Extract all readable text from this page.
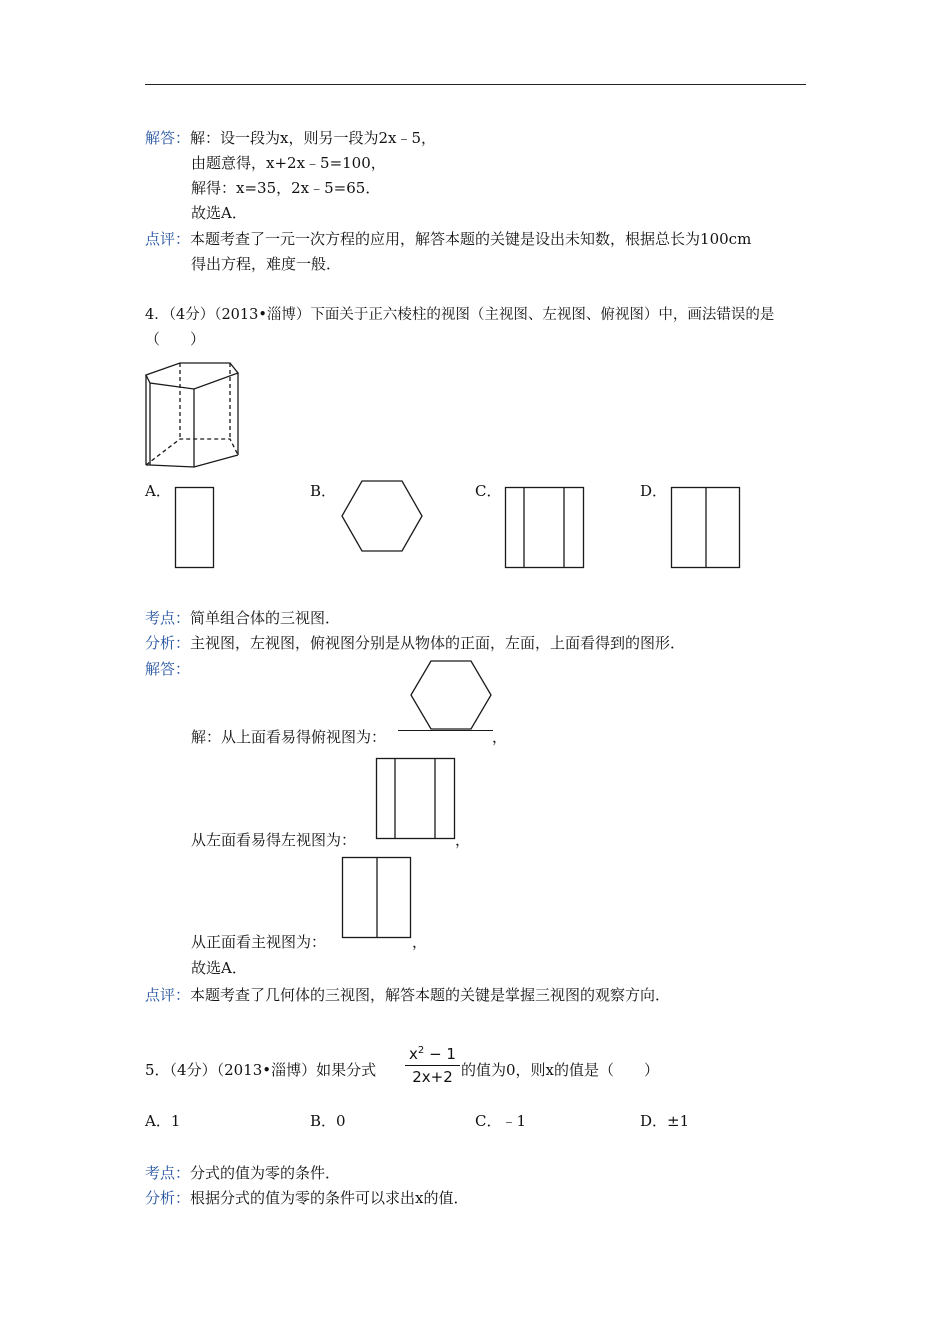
解答：解：设一段为x，则另一段为2x﹣5，
由题意得，x+2x﹣5=100，
解得：x=35，2x﹣5=65．
故选A．
点评：本题考查了一元一次方程的应用，解答本题的关键是设出未知数，根据总长为100cm
得出方程，难度一般．
4．（4分）（2013•淄博）下面关于正六棱柱的视图（主视图、左视图、俯视图）中，画法错误的是
（　　）
A．	B．	C．	D．
考点：简单组合体的三视图．
分析：主视图，左视图，俯视图分别是从物体的正面，左面，上面看得到的图形．
解答：
解：从上面看易得俯视图为：	，
从左面看易得左视图为：	，
从正面看主视图为：	，
故选A．
点评：本题考查了几何体的三视图，解答本题的关键是掌握三视图的观察方向．
5．（4分）（2013•淄博）如果分式
$x^2 - 1$
2x+2 的值为0，则x的值是（　　）
A．1	B．0	C．﹣1	D．±1
考点：分式的值为零的条件．
分析：根据分式的值为零的条件可以求出x的值．
